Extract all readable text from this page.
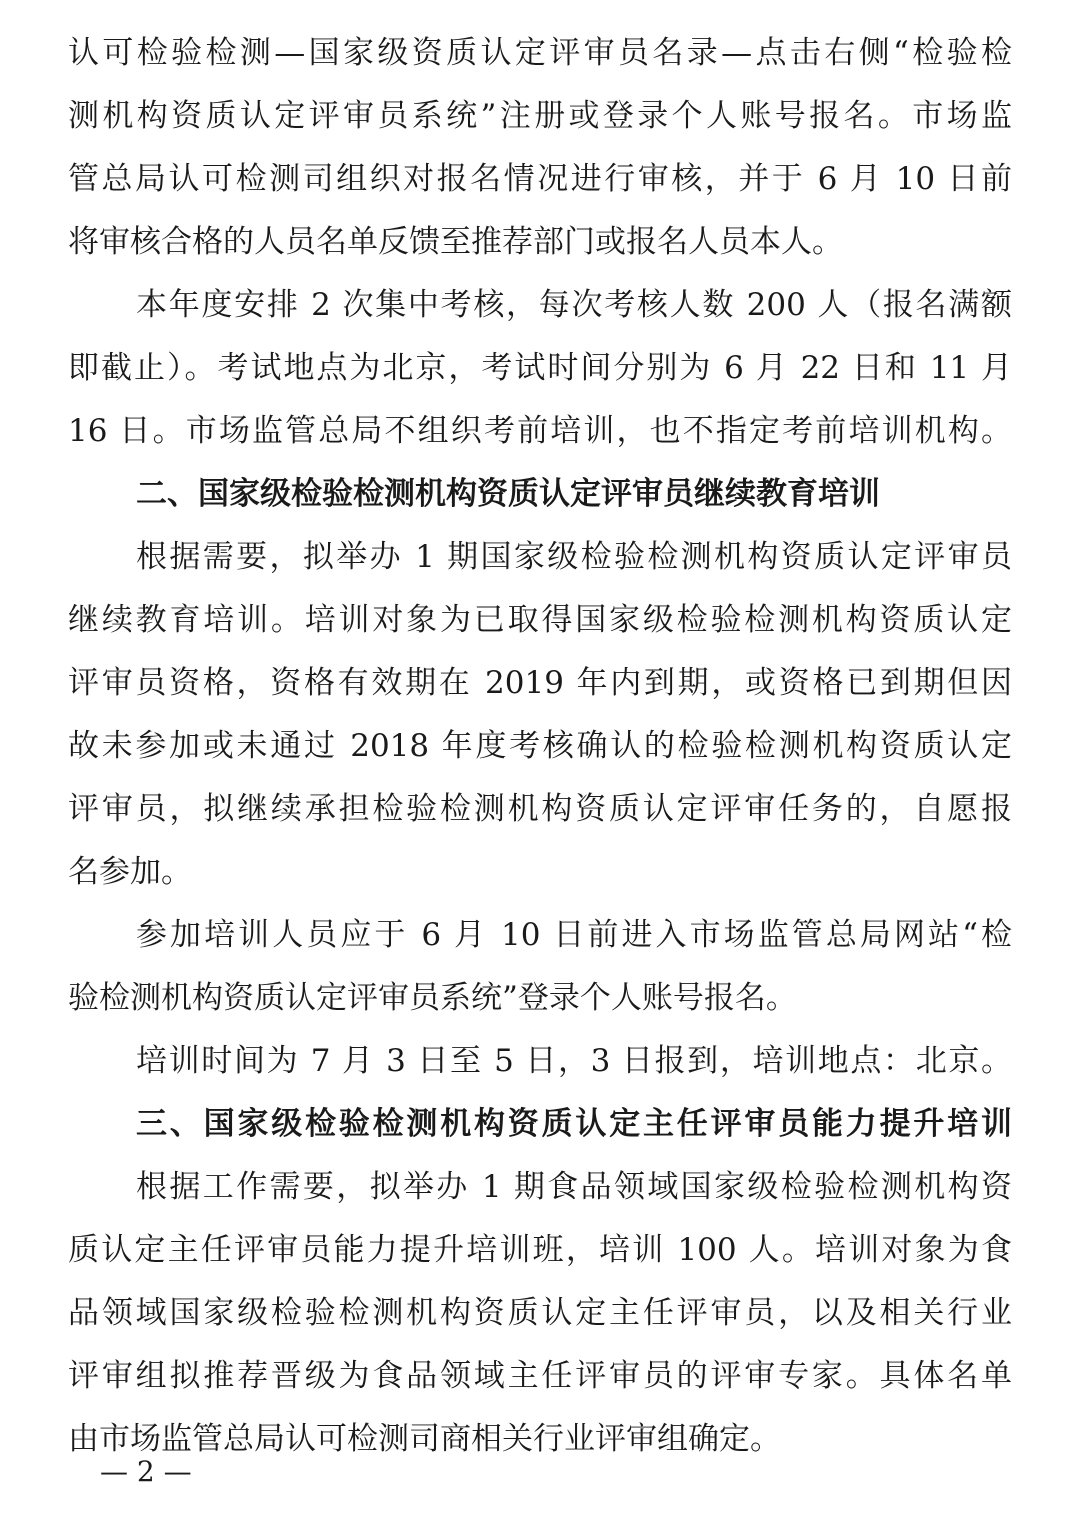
认可检验检测—国家级资质认定评审员名录—点击右侧“检验检
测机构资质认定评审员系统”注册或登录个人账号报名。市场监
管总局认可检测司组织对报名情况进行审核，并于 6 月 10 日前
将审核合格的人员名单反馈至推荐部门或报名人员本人。
本年度安排 2 次集中考核，每次考核人数 200 人（报名满额
即截止）。考试地点为北京，考试时间分别为 6 月 22 日和 11 月
16 日。市场监管总局不组织考前培训，也不指定考前培训机构。
二、国家级检验检测机构资质认定评审员继续教育培训
根据需要，拟举办 1 期国家级检验检测机构资质认定评审员
继续教育培训。培训对象为已取得国家级检验检测机构资质认定
评审员资格，资格有效期在 2019 年内到期，或资格已到期但因
故未参加或未通过 2018 年度考核确认的检验检测机构资质认定
评审员，拟继续承担检验检测机构资质认定评审任务的，自愿报
名参加。
参加培训人员应于 6 月 10 日前进入市场监管总局网站“检
验检测机构资质认定评审员系统”登录个人账号报名。
培训时间为 7 月 3 日至 5 日，3 日报到，培训地点：北京。
三、国家级检验检测机构资质认定主任评审员能力提升培训
根据工作需要，拟举办 1 期食品领域国家级检验检测机构资
质认定主任评审员能力提升培训班，培训 100 人。培训对象为食
品领域国家级检验检测机构资质认定主任评审员，以及相关行业
评审组拟推荐晋级为食品领域主任评审员的评审专家。具体名单
由市场监管总局认可检测司商相关行业评审组确定。
— 2 —
